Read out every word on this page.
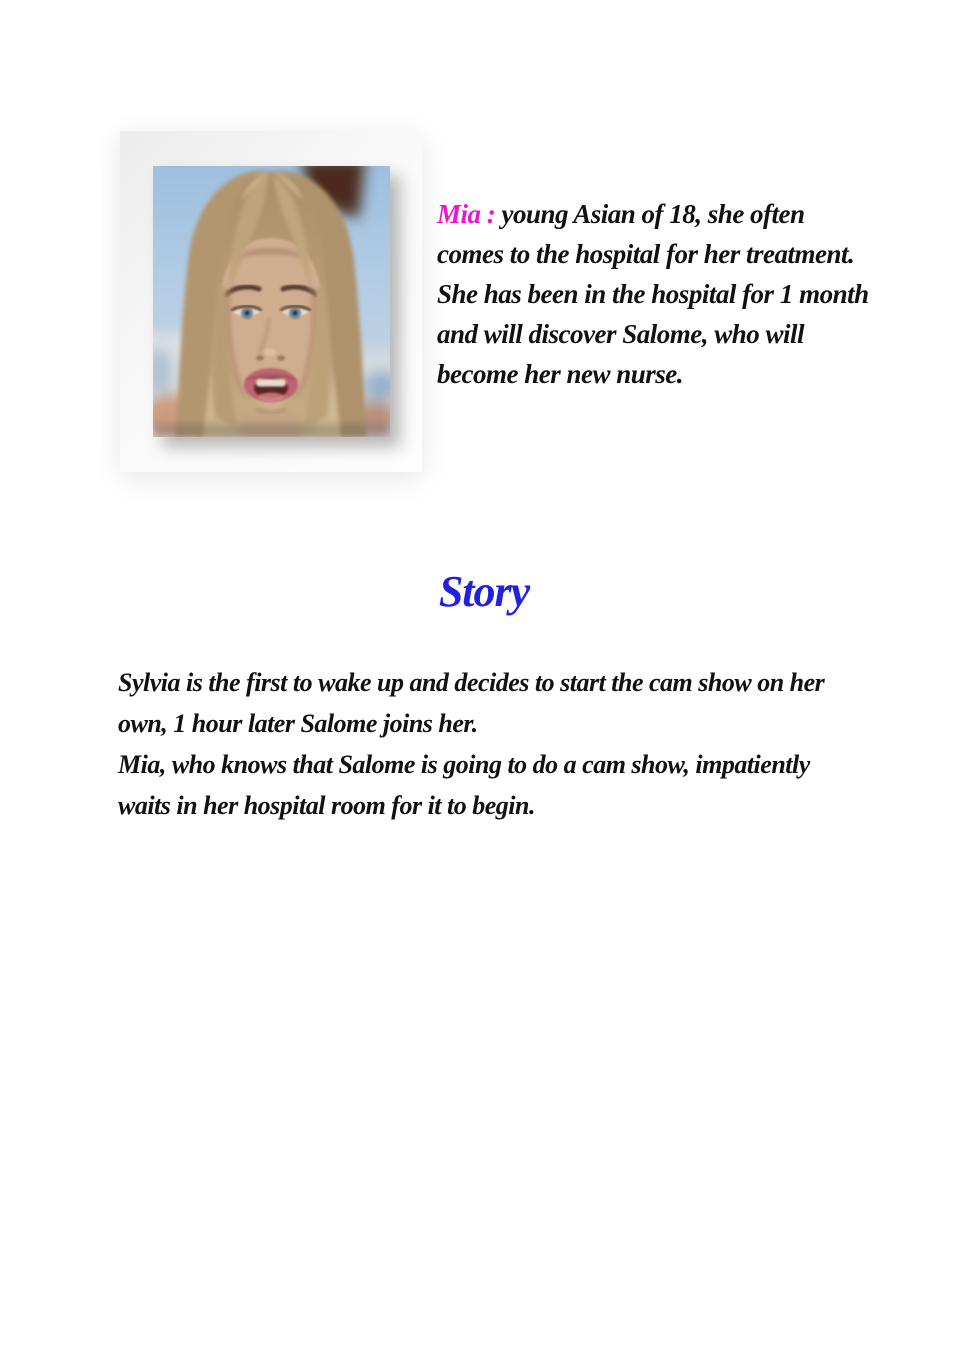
Mia : young Asian of 18, she often comes to the hospital for her treatment. She has been in the hospital for 1 month and will discover Salome, who will become her new nurse.
Story

Sylvia is the first to wake up and decides to start the cam show on her own, 1 hour later Salome joins her.

Mia, who knows that Salome is going to do a cam show, impatiently waits in her hospital room for it to begin.
